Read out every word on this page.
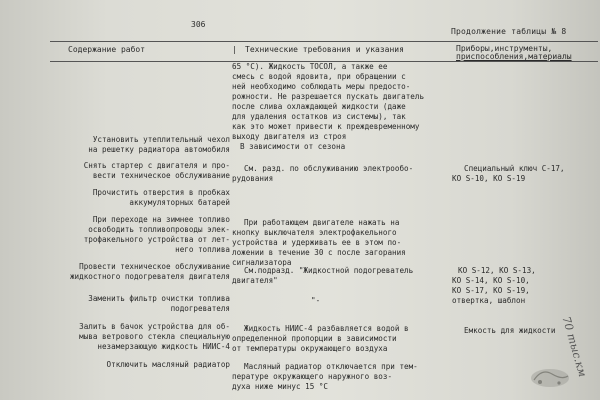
306
Продолжение таблицы № 8
Содержание работ	| Технические требования и указания	Приборы,инструменты,
приспособления,материалы
Установить утеплительный чехол
на решетку радиатора автомобиля
Снять стартер с двигателя и про-
вести техническое обслуживание
Прочистить отверстия в пробках
аккумуляторных батарей
При переходе на зимнее топливо
освободить топливопроводы элек-
трофакельного устройства от лет-
него топлива
Провести техническое обслуживание
жидкостного подогревателя двигателя
Заменить фильтр очистки топлива
подогревателя
Залить в бачок устройства для об-
мыва ветрового стекла специальную
незамерзающую жидкость НИИС-4
Отключить масляный радиатор
65 °С). Жидкость ТОСОЛ, а также ее
смесь с водой ядовита, при обращении с
ней необходимо соблюдать меры предосто-
рожности. Не разрешается пускать двигатель
после слива охлаждающей жидкости (даже
для удаления остатков из системы), так
как это может привести к преждевременному
выходу двигателя из строя
В зависимости от сезона
См. разд. по обслуживанию электрообо-
рудования
При работающем двигателе нажать на
кнопку выключателя электрофакельного
устройства и удерживать ее в этом по-
ложении в течение 30 с после загорания
сигнализатора
См.подразд. "Жидкостной подогреватель
двигателя"
"-
Жидкость НИИС-4 разбавляется водой в
определенной пропорции в зависимости
от температуры окружающего воздуха
Масляный радиатор отключается при тем-
пературе окружающего наружного воз-
духа ниже минус 15 °С
Специальный ключ С-17,
КО S-10, КО S-19
КО S-12, КО S-13,
КО S-14, КО S-10,
КО S-17, КО S-19,
отвертка, шаблон
Емкость для жидкости 70 тыс.км
